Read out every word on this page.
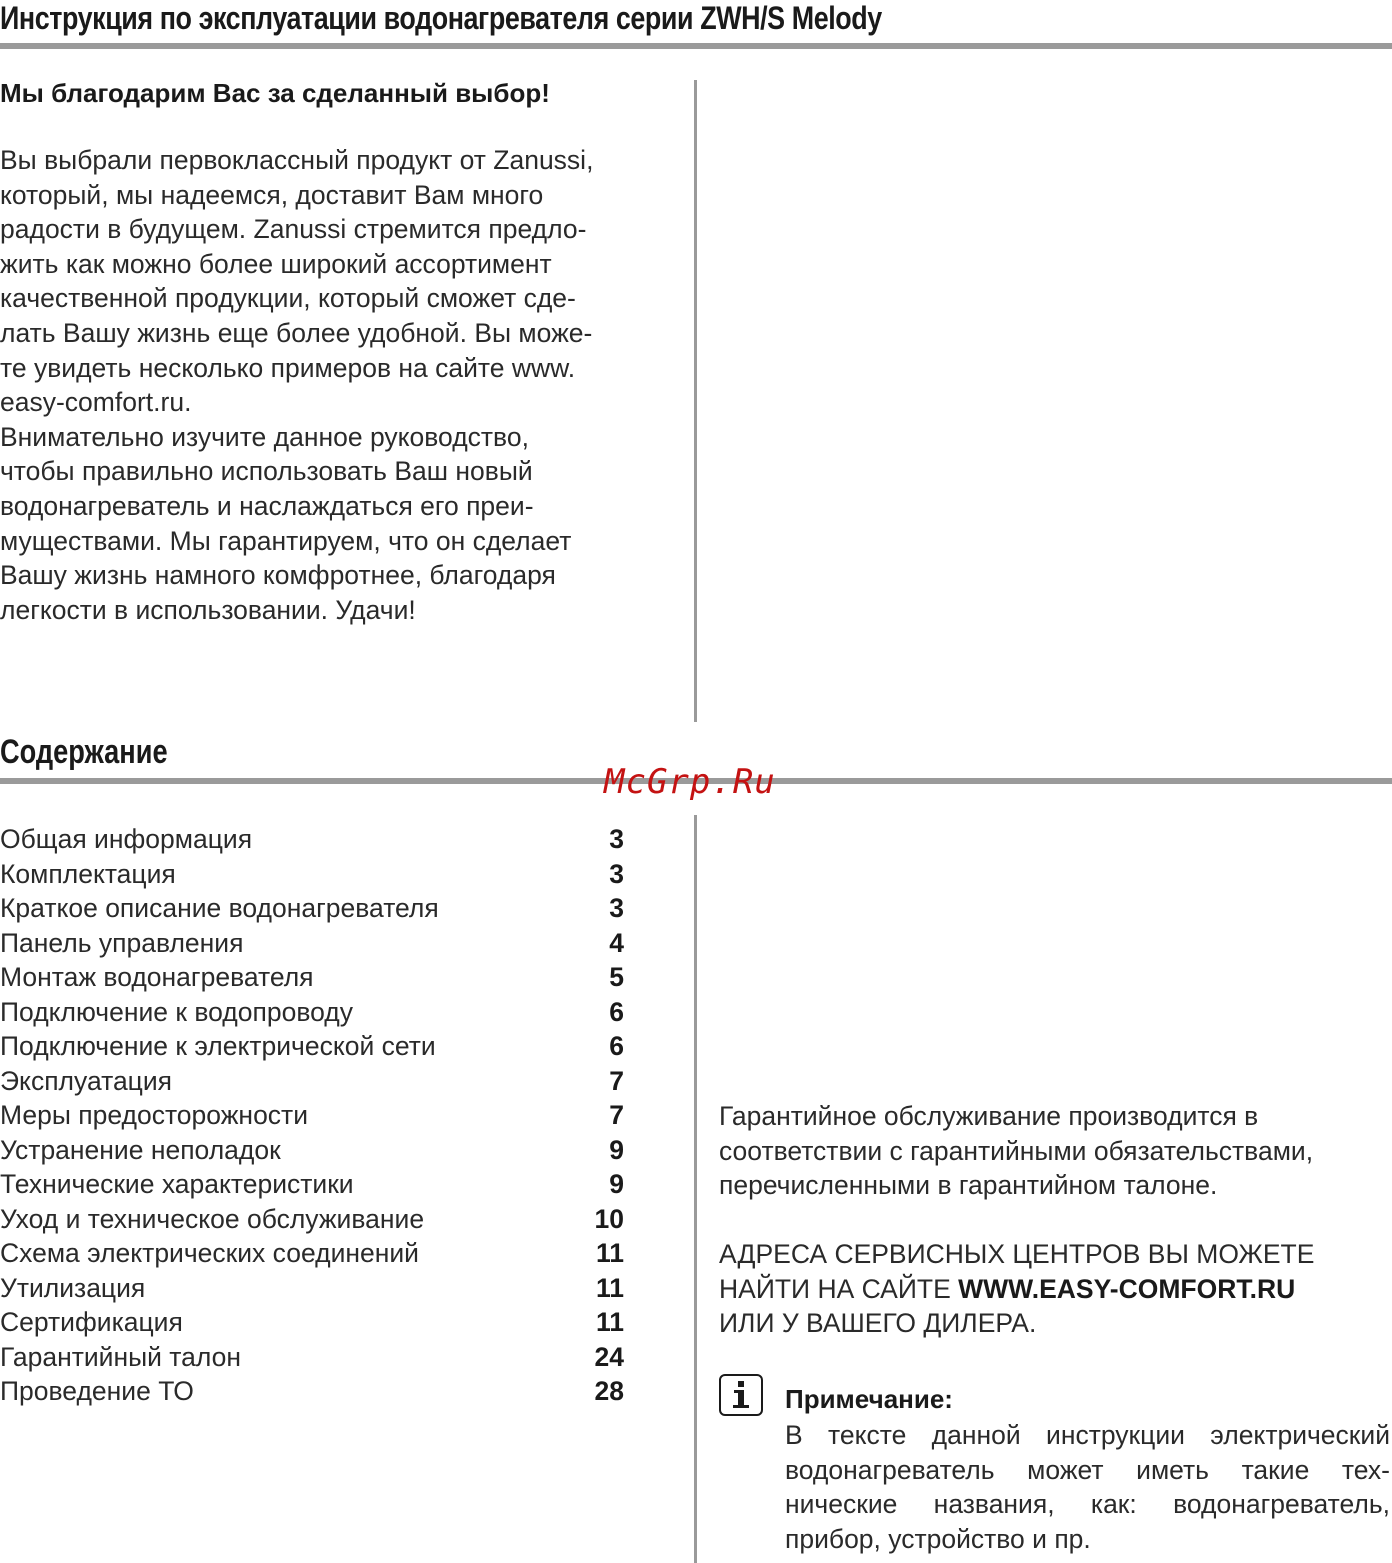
Инструкция по эксплуатации водонагревателя серии ZWH/S Melody
Мы благодарим Вас за сделанный выбор!

Вы выбрали первоклассный продукт от Zanussi,

который, мы надеемся, доставит Вам много

радости в будущем. Zanussi стремится предло-

жить как можно более широкий ассортимент

качественной продукции, который сможет сде-

лать Вашу жизнь еще более удобной. Вы може-

те увидеть несколько примеров на сайте www.

easy-comfort.ru.

Внимательно изучите данное руководство,

чтобы правильно использовать Ваш новый

водонагреватель и наслаждаться его преи-

муществами. Мы гарантируем, что он сделает

Вашу жизнь намного комфротнее, благодаря

легкости в использовании. Удачи!

Содержание
McGrp.Ru
Общая информация	3
Комплектация	3
Краткое описание водонагревателя	3
Панель управления	4
Монтаж водонагревателя	5
Подключение к водопроводу	6
Подключение к электрической сети	6
Эксплуатация	7
Меры предосторожности	7
Устранение неполадок	9
Технические характеристики	9
Уход и техническое обслуживание	10
Схема электрических соединений	11
Утилизация	11
Сертификация	11
Гарантийный талон	24
Проведение ТО	28

Гарантийное обслуживание производится в

соответствии с гарантийными обязательствами,

перечисленными в гарантийном талоне.

АДРЕСА СЕРВИСНЫХ ЦЕНТРОВ ВЫ МОЖЕТЕ

НАЙТИ НА САЙТЕ WWW.EASY-COMFORT.RU

ИЛИ У ВАШЕГО ДИЛЕРА.

Примечание:

В тексте данной инструкции электрический

водонагреватель может иметь такие тех-

нические названия, как: водонагреватель,

прибор, устройство и пр.
